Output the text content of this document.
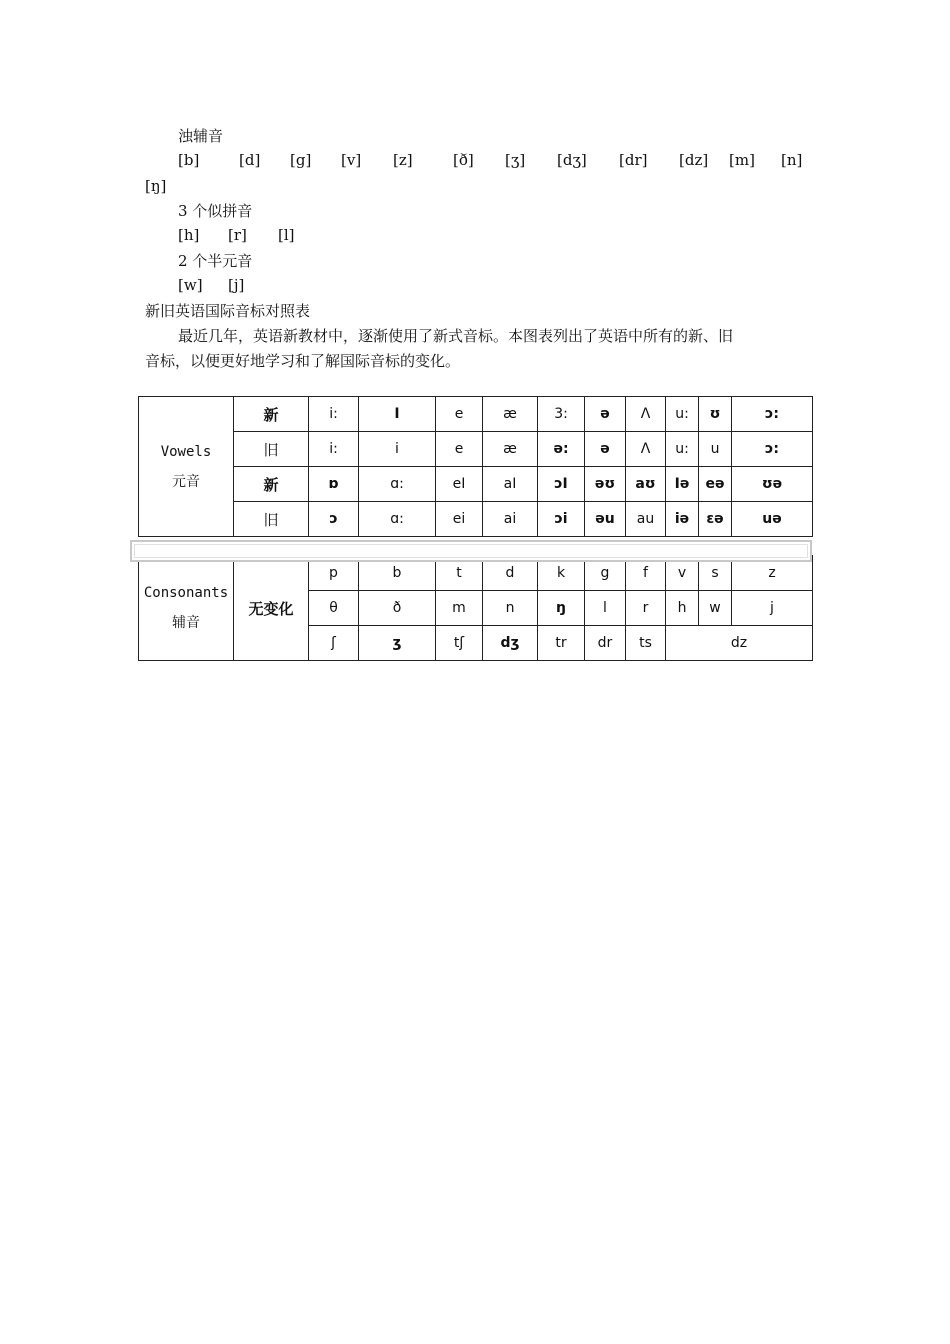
浊辅音
[b]	[d] [g] [v] [z]	[ð] [ʒ] [dʒ] [dr] [dz] [m] [n]
[ŋ]
3 个似拼音
[h] [r] [l]
2 个半元音
[w] [j]
新旧英语国际音标对照表
最近几年，英语新教材中，逐渐使用了新式音标。本图表列出了英语中所有的新、旧
音标，以便更好地学习和了解国际音标的变化。
Vowels
元音	新	i:	I	e	æ	3:	ə	Λ	u:	ʊ	ɔ:
	旧	i:	i	e	æ	ə:	ə	Λ	u:	u	ɔ:
	新	ɒ	ɑ:	eI	aI	ɔI	əʊ	aʊ	Iə	eə	ʊə
	旧	ɔ	ɑ:	ei	ai	ɔi	əu	au	iə	ɛə	uə

Consonants
辅音	无变化	p	b	t	d	k	g	f	v	s	z
		θ	ð	m	n	ŋ	l	r	h	w	j
		ʃ	ʒ	tʃ	dʒ	tr	dr	ts	dz		
